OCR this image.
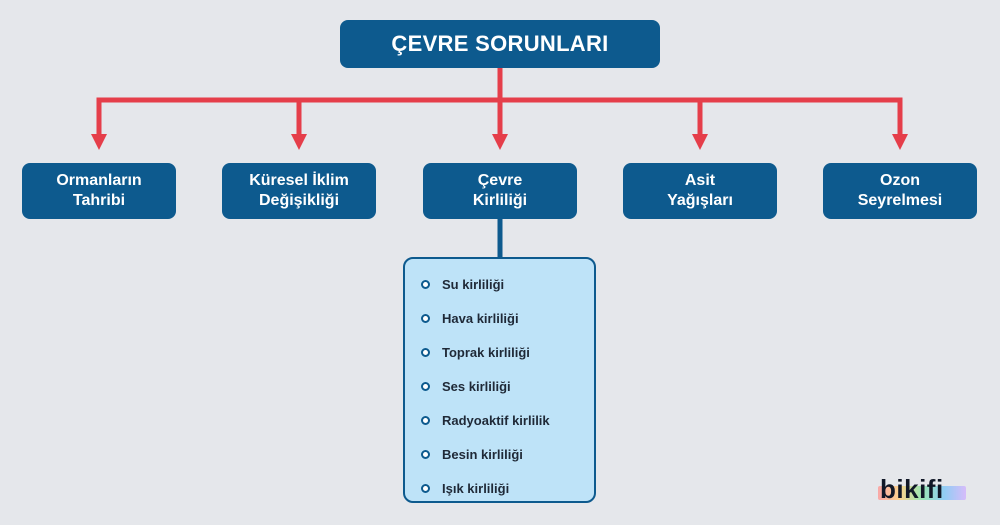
ÇEVRE SORUNLARI
Ormanların
Tahribi
Küresel İklim
Değişikliği
Çevre
Kirliliği
Asit
Yağışları
Ozon
Seyrelmesi
Su kirliliği
Hava kirliliği
Toprak kirliliği
Ses kirliliği
Radyoaktif kirlilik
Besin kirliliği
Işık kirliliği	bikifi
